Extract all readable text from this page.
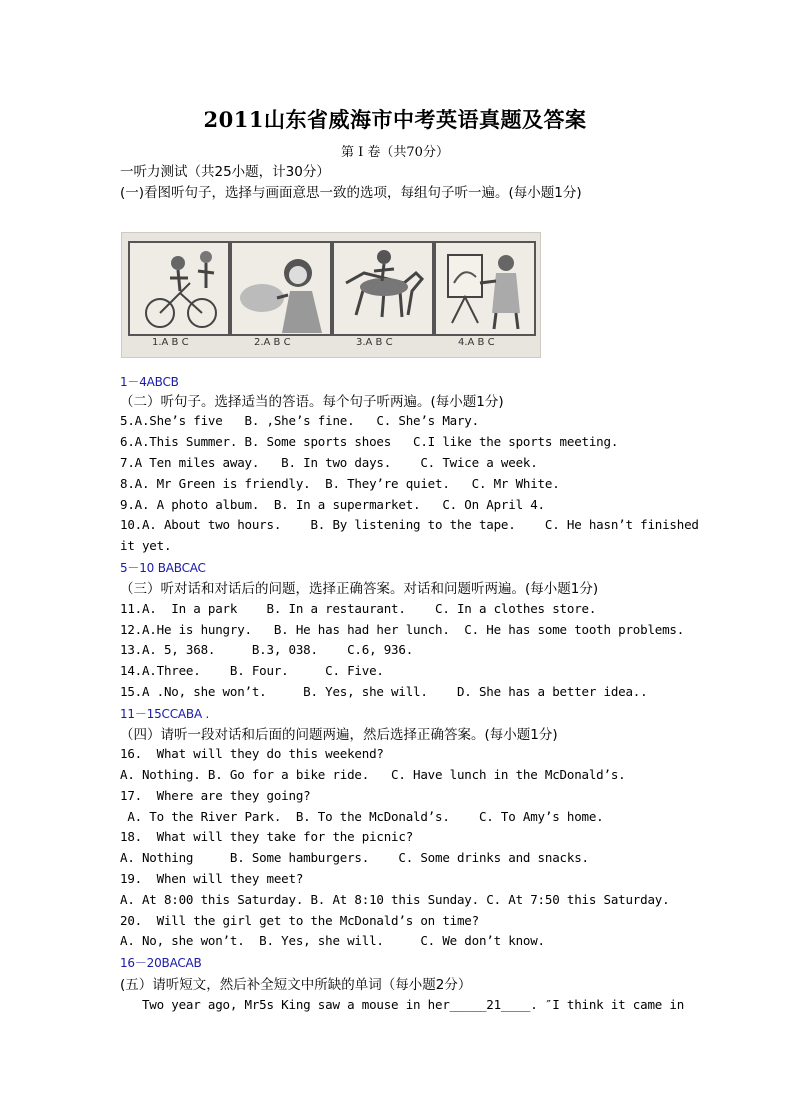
2011山东省威海市中考英语真题及答案
第 I 卷（共70分）
一听力测试（共25小题，计30分）
(一)看图听句子，选择与画面意思一致的选项，每组句子听一遍。(每小题1分)
1.A B C	2.A B C	3.A B C	4.A B C
1－4ABCB
（二）听句子。选择适当的答语。每个句子听两遍。(每小题1分)
5.A.She’s five   B. ,She’s fine.   C. She’s Mary.
6.A.This Summer. B. Some sports shoes   C.I like the sports meeting.
7.A Ten miles away.   B. In two days.    C. Twice a week.
8.A. Mr Green is friendly.  B. They’re quiet.   C. Mr White.
9.A. A photo album.  B. In a supermarket.   C. On April 4.
10.A. About two hours.    B. By listening to the tape.    C. He hasn’t finished
it yet.
5－10 BABCAC
（三）听对话和对话后的问题，选择正确答案。对话和问题听两遍。(每小题1分)
11.A.  In a park    B. In a restaurant.    C. In a clothes store.
12.A.He is hungry.   B. He has had her lunch.  C. He has some tooth problems.
13.A. 5, 368.     B.3, 038.    C.6, 936.
14.A.Three.    B. Four.     C. Five.
15.A .No, she won’t.     B. Yes, she will.    D. She has a better idea..
11－15CCABA .
（四）请听一段对话和后面的问题两遍，然后选择正确答案。(每小题1分)
16.  What will they do this weekend?
A. Nothing. B. Go for a bike ride.   C. Have lunch in the McDonald’s.
17.  Where are they going?
A. To the River Park.  B. To the McDonald’s.    C. To Amy’s home.
18.  What will they take for the picnic?
A. Nothing     B. Some hamburgers.    C. Some drinks and snacks.
19.  When will they meet?
A. At 8:00 this Saturday. B. At 8:10 this Sunday. C. At 7:50 this Saturday.
20.  Will the girl get to the McDonald’s on time?
A. No, she won’t.  B. Yes, she will.     C. We don’t know.
16－20BACAB
(五）请听短文，然后补全短文中所缺的单词（每小题2分）
Two year ago, Mr5s King saw a mouse in her_____21____. ″I think it came in
